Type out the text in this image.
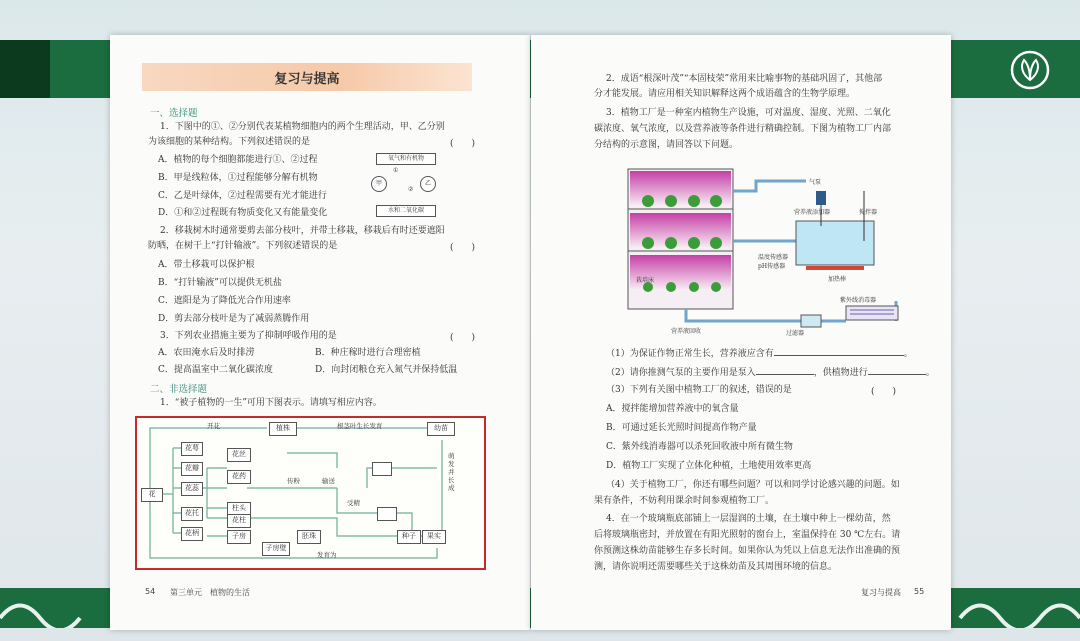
复习与提高
一、选择题
1．下图中的①、②分别代表某植物细胞内的两个生理活动，甲、乙分别
为该细胞的某种结构。下列叙述错误的是	(　　)
A．植物的每个细胞都能进行①、②过程
B．甲是线粒体，①过程能够分解有机物
C．乙是叶绿体，②过程需要有光才能进行
D．①和②过程既有物质变化又有能量变化
氧气和有机物
水和二氧化碳
甲	乙
①
②
2．移栽树木时通常要剪去部分枝叶，并带土移栽，移栽后有时还要遮阳
防晒，在树干上“打针输液”。下列叙述错误的是	(　　)
A．带土移栽可以保护根
B．“打针输液”可以提供无机盐
C．遮阳是为了降低光合作用速率
D．剪去部分枝叶是为了减弱蒸腾作用
3．下列农业措施主要为了抑制呼吸作用的是	(　　)
A．农田淹水后及时排涝	B．种庄稼时进行合理密植
C．提高温室中二氧化碳浓度	D．向封闭粮仓充入氮气并保持低温
二、非选择题
1．“被子植物的一生”可用下图表示。请填写相应内容。
开花	根茎叶生长发育
植株	幼苗
萌发并长成
花
花萼
花瓣
花蕊
花托
花柄
花丝
花药
柱头
花柱
子房
子房壁
胚珠
传粉	输送
受精
种子	果实
发育为
54 第三单元　植物的生活
2．成语“根深叶茂”“本固枝荣”常用来比喻事物的基础巩固了，其他部
分才能发展。请应用相关知识解释这两个成语蕴含的生物学原理。
3．植物工厂是一种室内植物生产设施，可对温度、湿度、光照、二氧化
碳浓度、氧气浓度，以及营养液等条件进行精确控制。下图为植物工厂内部
分结构的示意图，请回答以下问题。
气泵
营养液添加器	搅拌器
温度传感器
pH传感器
加热棒
栽培床
紫外线消毒器
营养液回收	过滤器
（1）为保证作物正常生长，营养液应含有	。
（2）请你推测气泵的主要作用是泵入	，供植物进行	。
（3）下列有关图中植物工厂的叙述，错误的是	(　　)
A．搅拌能增加营养液中的氧含量
B．可通过延长光照时间提高作物产量
C．紫外线消毒器可以杀死回收液中所有微生物
D．植物工厂实现了立体化种植，土地使用效率更高
（4）关于植物工厂，你还有哪些问题？可以和同学讨论感兴趣的问题。如
果有条件，不妨利用课余时间参观植物工厂。
4．在一个玻璃瓶底部铺上一层湿润的土壤，在土壤中种上一棵幼苗，然
后将玻璃瓶密封，并放置在有阳光照射的窗台上，室温保持在 30 ℃左右。请
你预测这株幼苗能够生存多长时间。如果你认为凭以上信息无法作出准确的预
测，请你说明还需要哪些关于这株幼苗及其周围环境的信息。
复习与提高 55
